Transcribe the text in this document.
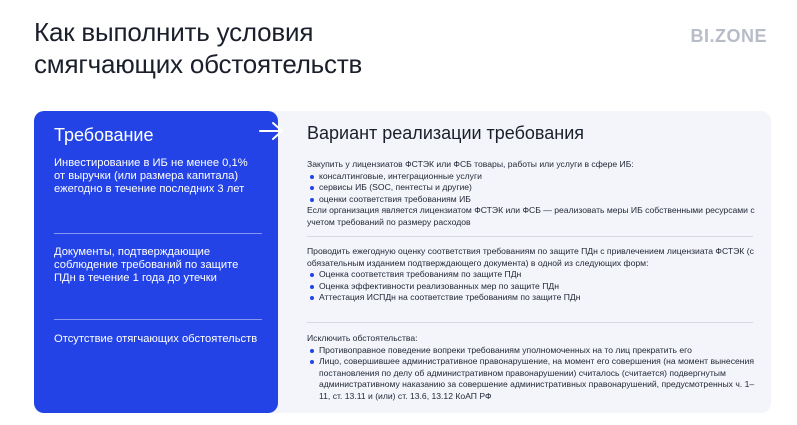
Как выполнить условия
смягчающих обстоятельств
BI.ZONE
Требование
Инвестирование в ИБ не менее 0,1% от выручки (или размера капитала) ежегодно в течение последних 3 лет
Документы, подтверждающие соблюдение требований по защите ПДн в течение 1 года до утечки
Отсутствие отягчающих обстоятельств
Вариант реализации требования

Закупить у лицензиатов ФСТЭК или ФСБ товары, работы или услуги в сфере ИБ:

консалтинговые, интеграционные услуги
сервисы ИБ (SOC, пентесты и другие)
оценки соответствия требованиям ИБ

Если организация является лицензиатом ФСТЭК или ФСБ — реализовать меры ИБ собственными ресурсами с учетом требований по размеру расходов

Проводить ежегодную оценку соответствия требованиям по защите ПДн с привлечением лицензиата ФСТЭК (с обязательным изданием подтверждающего документа) в одной из следующих форм:

Оценка соответствия требованиям по защите ПДн
Оценка эффективности реализованных мер по защите ПДн
Аттестация ИСПДн на соответствие требованиям по защите ПДн

Исключить обстоятельства:

Противоправное поведение вопреки требованиям уполномоченных на то лиц прекратить его
Лицо, совершившее административное правонарушение, на момент его совершения (на момент вынесения постановления по делу об административном правонарушении) считалось (считается) подвергнутым административному наказанию за совершение административных правонарушений, предусмотренных ч. 1–11, ст. 13.11 и (или) ст. 13.6, 13.12 КоАП РФ
